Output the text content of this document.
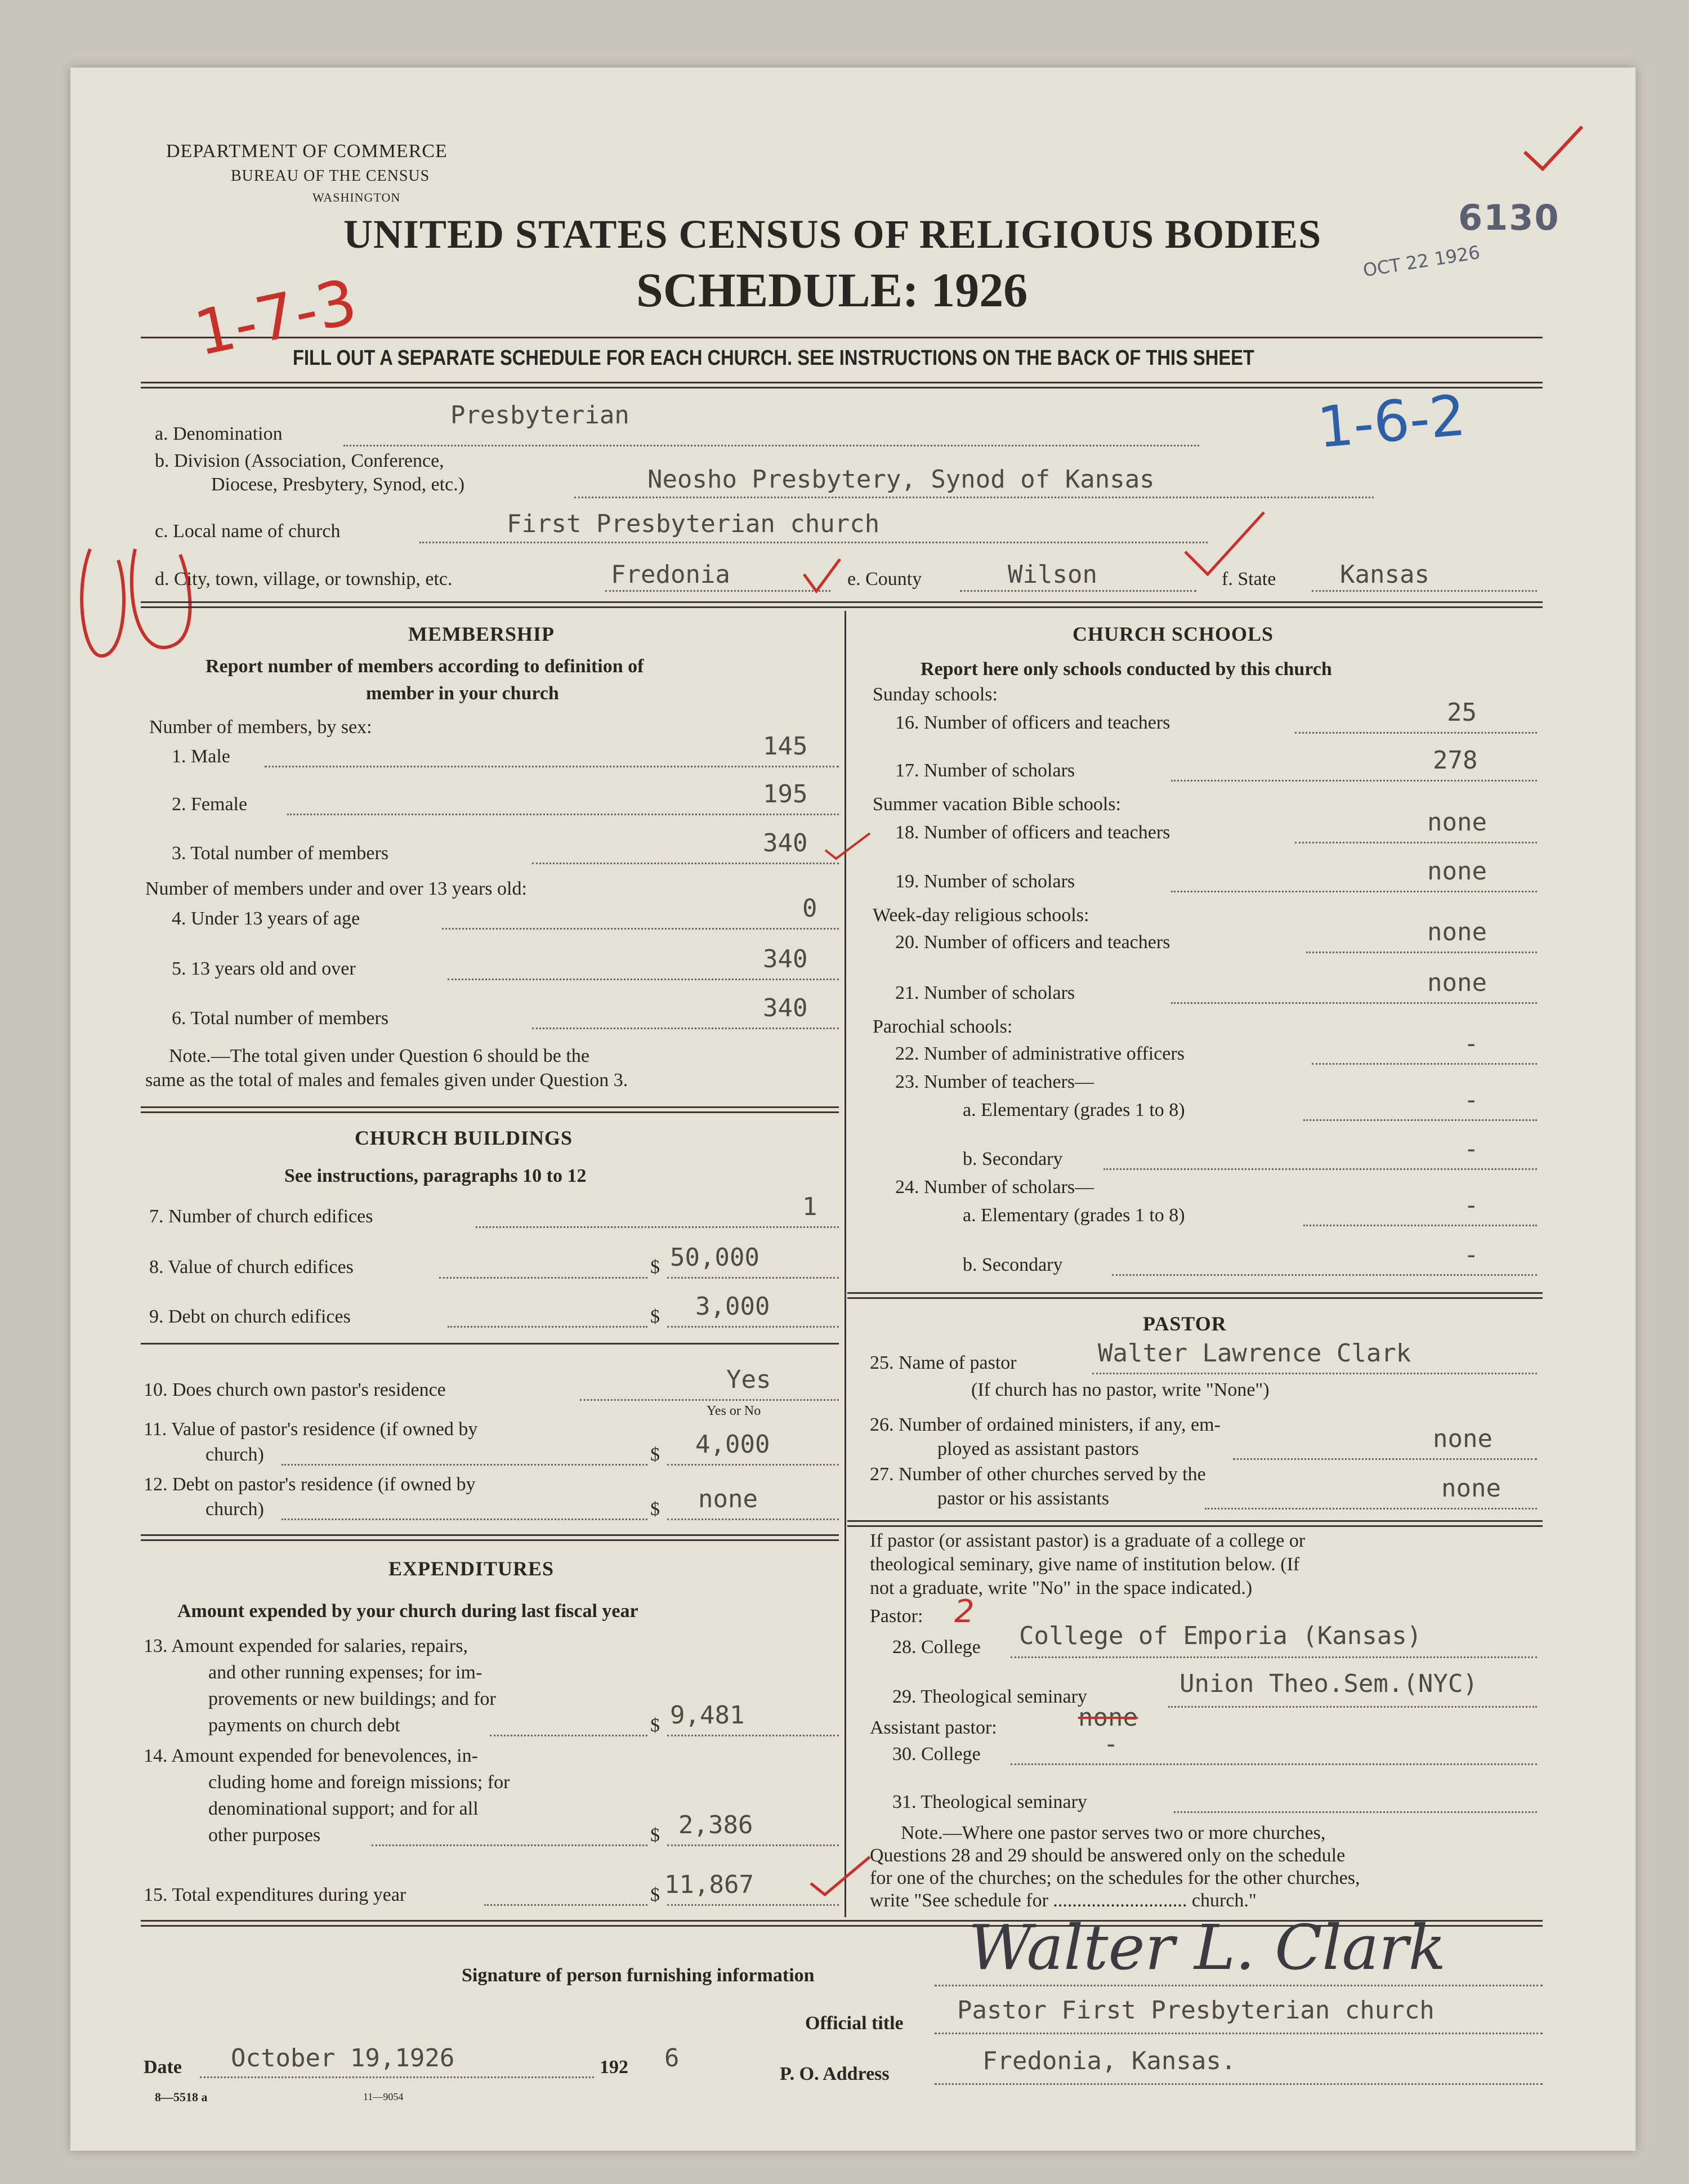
DEPARTMENT OF COMMERCE
BUREAU OF THE CENSUS
WASHINGTON
UNITED STATES CENSUS OF RELIGIOUS BODIES
SCHEDULE: 1926
FILL OUT A SEPARATE SCHEDULE FOR EACH CHURCH. SEE INSTRUCTIONS ON THE BACK OF THIS SHEET
6130
OCT 22 1926
1-7-3
1-6-2
a. Denomination
Presbyterian
b. Division (Association, Conference,
Diocese, Presbytery, Synod, etc.)	Neosho Presbytery, Synod of Kansas
c. Local name of church	First Presbyterian church
d. City, town, village, or township, etc.	Fredonia	e. County	Wilson	f. State	Kansas
MEMBERSHIP
Report number of members according to definition of
member in your church
Number of members, by sex:
1. Male	145
2. Female	195
3. Total number of members	340
Number of members under and over 13 years old:
4. Under 13 years of age	0
5. 13 years old and over	340
6. Total number of members	340
Note.—The total given under Question 6 should be the
same as the total of males and females given under Question 3.
CHURCH BUILDINGS
See instructions, paragraphs 10 to 12
7. Number of church edifices	1
8. Value of church edifices	$ 50,000
9. Debt on church edifices	$ 3,000
10. Does church own pastor's residence	Yes
Yes or No
11. Value of pastor's residence (if owned by
church)	$ 4,000
12. Debt on pastor's residence (if owned by
church)	$ none
EXPENDITURES
Amount expended by your church during last fiscal year
13. Amount expended for salaries, repairs,
and other running expenses; for im-
provements or new buildings; and for
payments on church debt	$ 9,481
14. Amount expended for benevolences, in-
cluding home and foreign missions; for
denominational support; and for all
other purposes	$ 2,386
15. Total expenditures during year	$ 11,867
CHURCH SCHOOLS
Report here only schools conducted by this church
Sunday schools:
16. Number of officers and teachers	25
17. Number of scholars	278
Summer vacation Bible schools:
18. Number of officers and teachers	none
19. Number of scholars	none
Week-day religious schools:
20. Number of officers and teachers	none
21. Number of scholars	none
Parochial schools:
22. Number of administrative officers	-
23. Number of teachers—
a. Elementary (grades 1 to 8)	-
b. Secondary	-
24. Number of scholars—
a. Elementary (grades 1 to 8)	-
b. Secondary	-
PASTOR
25. Name of pastor	Walter Lawrence Clark
(If church has no pastor, write "None")
26. Number of ordained ministers, if any, em-
ployed as assistant pastors	none
27. Number of other churches served by the
pastor or his assistants	none
If pastor (or assistant pastor) is a graduate of a college or
theological seminary, give name of institution below. (If
not a graduate, write "No" in the space indicated.)
Pastor: 2
28. College College of Emporia (Kansas)
29. Theological seminary	Union Theo.Sem.(NYC)
Assistant pastor:	none
30. College	-
31. Theological seminary
Note.—Where one pastor serves two or more churches,
Questions 28 and 29 should be answered only on the schedule
for one of the churches; on the schedules for the other churches,
write "See schedule for ............................ church."
Signature of person furnishing information Walter L. Clark
Official title Pastor First Presbyterian church
Date October 19,1926	192 6
P. O. Address	Fredonia, Kansas.
8—5518 a	11—9054
